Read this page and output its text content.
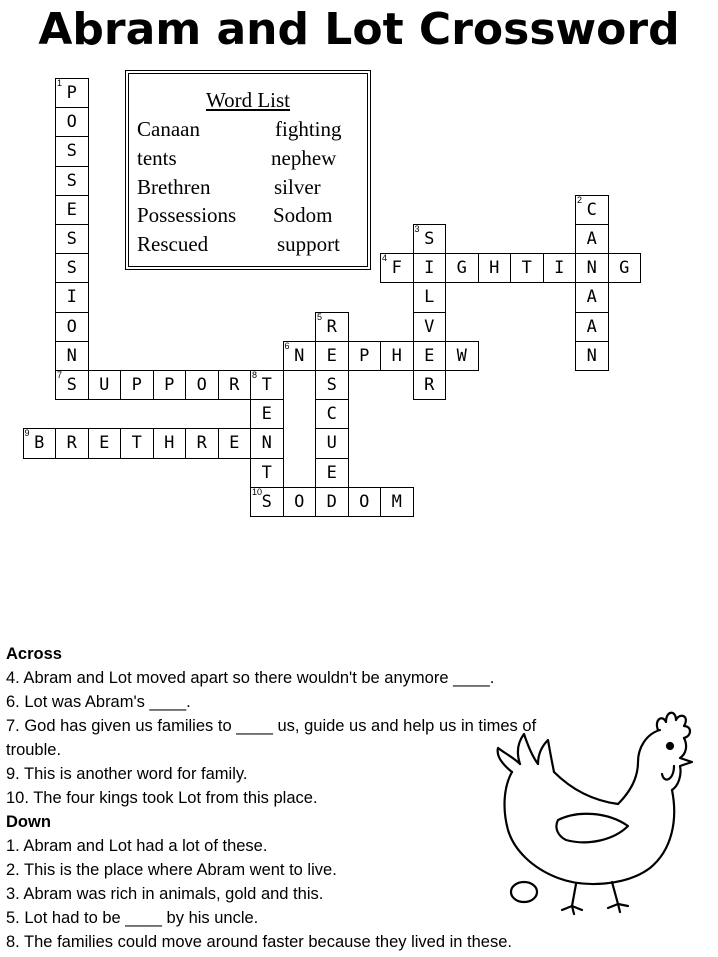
Abram and Lot Crossword
1
P
O
S
S
E
S
S
I
O
N
7
S	U	P	P	O	R
8
T
E
N
T
10
S	O	D	O	M
9
B	R	E	T	H	R	E
6
N	E	P	H	E	W
5
R
S
C
U
E
3
S
L
V
R
4
F	I	G	H	T	I	N	G
2
C
A
A
A
N
Word List
Canaan	fighting
tents	nephew
Brethren	silver
Possessions Sodom
Rescued	support
Across
4. Abram and Lot moved apart so there wouldn't be anymore ____.
6. Lot was Abram's ____.
7. God has given us families to ____ us, guide us and help us in times of
trouble.
9. This is another word for family.
10. The four kings took Lot from this place.
Down
1. Abram and Lot had a lot of these.
2. This is the place where Abram went to live.
3. Abram was rich in animals, gold and this.
5. Lot had to be ____ by his uncle.
8. The families could move around faster because they lived in these.
